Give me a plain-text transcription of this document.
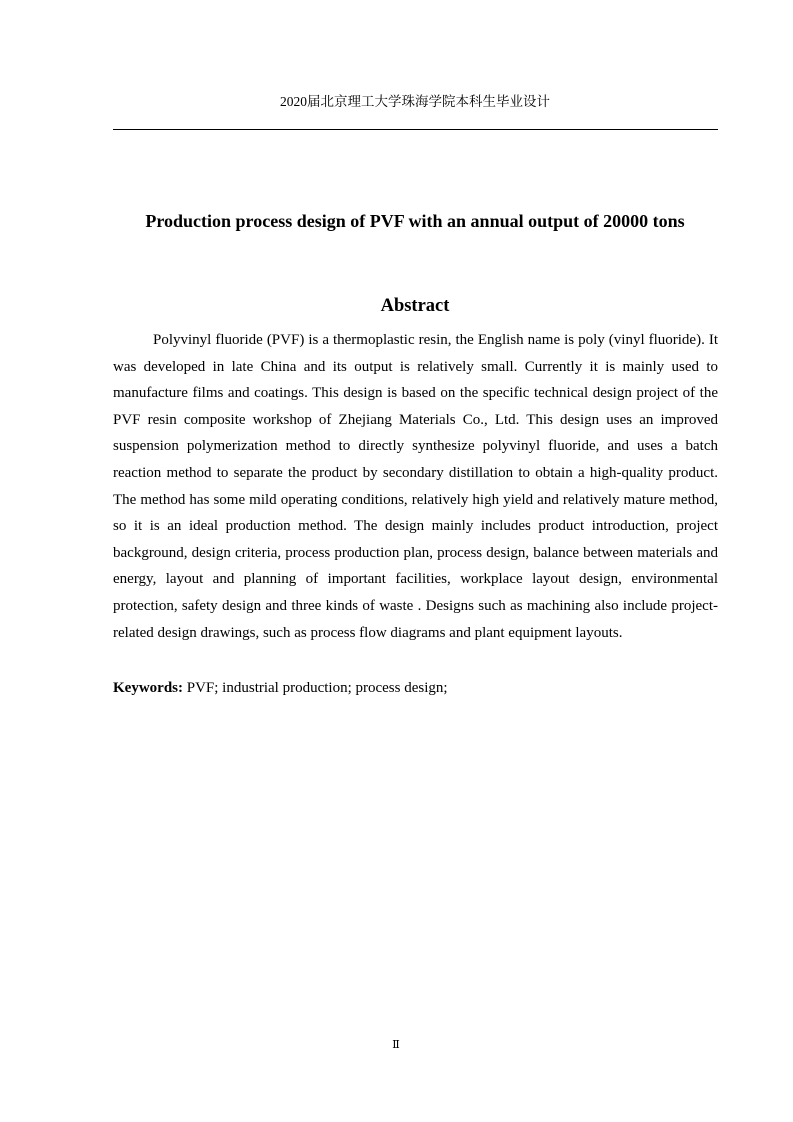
2020届北京理工大学珠海学院本科生毕业设计
Production process design of PVF with an annual output of 20000 tons
Abstract

Polyvinyl fluoride (PVF) is a thermoplastic resin, the English name is poly (vinyl fluoride). It was developed in late China and its output is relatively small. Currently it is mainly used to manufacture films and coatings. This design is based on the specific technical design project of the PVF resin composite workshop of Zhejiang Materials Co., Ltd. This design uses an improved suspension polymerization method to directly synthesize polyvinyl fluoride, and uses a batch reaction method to separate the product by secondary distillation to obtain a high-quality product. The method has some mild operating conditions, relatively high yield and relatively mature method, so it is an ideal production method. The design mainly includes product introduction, project background, design criteria, process production plan, process design, balance between materials and energy, layout and planning of important facilities, workplace layout design, environmental protection, safety design and three kinds of waste . Designs such as machining also include project-related design drawings, such as process flow diagrams and plant equipment layouts.

Keywords: PVF; industrial production; process design;
Ⅱ
